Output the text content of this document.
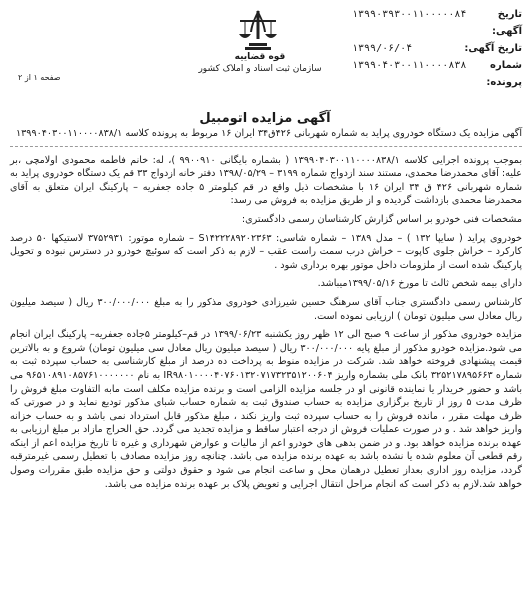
تاریخ آگهی:
۱۳۹۹۰۳۹۳۰۰۱۱۰۰۰۰۰۸۴
تاریخ آگهی:
۱۳۹۹/۰۶/۰۴
شماره پرونده:
۱۳۹۹۰۴۰۳۰۰۱۱۰۰۰۰۸۳۸
قوه قضاییه
سازمان ثبت اسناد و املاک کشور
صفحه ۱ از ۲
آگهی مزایده اتومبیل

آگهی مزایده یک دستگاه خودروی پراید به شماره شهربانی ۴۲۶ق۳۴ ایران ۱۶ مربوط به پرونده کلاسه ۱۳۹۹۰۴۰۳۰۰۱۱۰۰۰۰۸۳۸/۱

بموجب پرونده اجرایی کلاسه ۱۳۹۹۰۴۰۳۰۰۱۱۰۰۰۰۸۳۸/۱ ( بشماره بایگانی ۹۹۰۰۹۱۰ )، له: خانم فاطمه محمودی اولامچی ،بر علیه: آقای محمدرضا محمدی، مستند سند ازدواج شماره ۳۱۹۹ – ۱۳۹۸/۰۵/۲۹ دفتر خانه ازدواج ۳۳ قم یک دستگاه خودروی پراید به شماره شهربانی ۴۲۶ ق ۳۴ ایران ۱۶ با مشخصات ذیل واقع در قم کیلومتر ۵ جاده جعفریه – پارکینگ ایران متعلق به آقای محمدرضا محمدی بازداشت گردیده و از طریق مزایده به فروش می رسد:

مشخصات فنی خودرو بر اساس گزارش کارشناسان رسمی دادگستری:

خودروی پراید ( سایپا ۱۳۲ ) – مدل ۱۳۸۹ – شماره شاسی: S۱۴۲۲۲۸۹۲۰۲۳۶۳ – شماره موتور: ۳۷۵۲۹۳۱ لاستیکها ۵۰ درصد کارکرد – خراش جلوی کاپوت – خراش درب سمت راست عقب – لازم به ذکر است که سوئیچ خودرو در دسترس نبوده و تحویل پارکینگ شده است از ملزومات داخل موتور بهره برداری شود .

دارای بیمه شخص ثالث تا مورخ ۱۳۹۹/۰۵/۱۶میباشد.

کارشناس رسمی دادگستری جناب آقای سرهنگ حسین شیرزادی خودروی مذکور را به مبلغ ۳۰۰/۰۰۰/۰۰۰ ریال ( سیصد میلیون ریال معادل سی میلیون تومان ) ارزیابی نموده است.

مزایده خودروی مذکور از ساعت ۹ صبح الی ۱۲ ظهر روز یکشنبه ۱۳۹۹/۰۶/۲۳ در قم–کیلومتر ۵جاده جعفریه– پارکینگ ایران انجام می شود.مزایده خودرو مذکور از مبلغ پایه ۳۰۰/۰۰۰/۰۰۰ ریال ( سیصد میلیون ریال معادل سی میلیون تومان) شروع و به بالاترین قیمت پیشنهادی فروخته خواهد شد. شرکت در مزایده منوط به پرداخت ده درصد از مبلغ کارشناسی به حساب سپرده ثبت به شماره ۳۲۵۲۱۷۸۹۵۶۶۳ بانک ملی بشماره واریز IR۹۸۰۱۰۰۰۰۴۰۷۶۰۱۳۲۰۷۱۷۳۲۳۵۱۲۰۰۶۰۴ به نام ۹۶۵۱۰۸۹۱۰۸۵۷۶۱۰۰۰۰۰۰۰ می باشد و حضور خریدار یا نماینده قانونی او در جلسه مزایده الزامی است و برنده مزایده مکلف است مابه التفاوت مبلغ فروش را ظرف مدت ۵ روز از تاریخ برگزاری مزایده به حساب صندوق ثبت به شماره حساب شبای مذکور تودیع نماید و در صورتی که ظرف مهلت مقرر ، مانده فروش را به حساب سپرده ثبت واریز نکند ، مبلغ مذکور قابل استرداد نمی باشد و به حساب خزانه واریز خواهد شد . و در صورت عملیات فروش از درجه اعتبار ساقط و مزایده تجدید می گردد. حق الحراج مازاد بر مبلغ ارزیابی به عهده برنده مزایده خواهد بود. و در ضمن بدهی های خودرو اعم از مالیات و عوارض شهرداری و غیره تا تاریخ مزایده اعم از اینکه رقم قطعی آن معلوم شده یا نشده باشد به عهده برنده مزایده می باشد. چنانچه روز مزایده مصادف با تعطیل رسمی غیرمترقبه گردد، مزایده روز اداری بعداز تعطیل درهمان محل و ساعت انجام می شود و حقوق دولتی و حق مزایده طبق مقررات وصول خواهد شد.لازم به ذکر است که انجام مراحل انتقال اجرایی و تعویض پلاک بر عهده برنده مزایده می باشد.
